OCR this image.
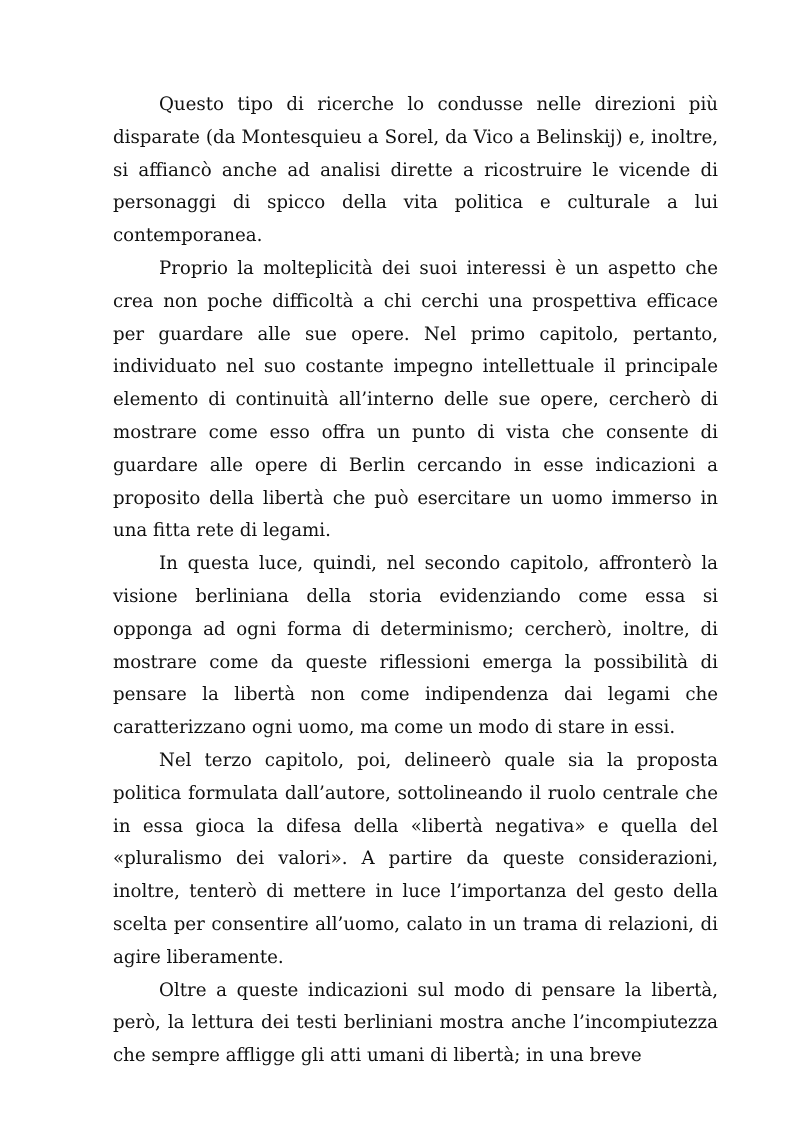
Questo tipo di ricerche lo condusse nelle direzioni più disparate (da Montesquieu a Sorel, da Vico a Belinskij) e, inoltre, si affiancò anche ad analisi dirette a ricostruire le vicende di personaggi di spicco della vita politica e culturale a lui contemporanea.

Proprio la molteplicità dei suoi interessi è un aspetto che crea non poche difficoltà a chi cerchi una prospettiva efficace per guardare alle sue opere. Nel primo capitolo, pertanto, individuato nel suo costante impegno intellettuale il principale elemento di continuità all’interno delle sue opere, cercherò di mostrare come esso offra un punto di vista che consente di guardare alle opere di Berlin cercando in esse indicazioni a proposito della libertà che può esercitare un uomo immerso in una fitta rete di legami.

In questa luce, quindi, nel secondo capitolo, affronterò la visione berliniana della storia evidenziando come essa si opponga ad ogni forma di determinismo; cercherò, inoltre, di mostrare come da queste riflessioni emerga la possibilità di pensare la libertà non come indipendenza dai legami che caratterizzano ogni uomo, ma come un modo di stare in essi.

Nel terzo capitolo, poi, delineerò quale sia la proposta politica formulata dall’autore, sottolineando il ruolo centrale che in essa gioca la difesa della «libertà negativa» e quella del «pluralismo dei valori». A partire da queste considerazioni, inoltre, tenterò di mettere in luce l’importanza del gesto della scelta per consentire all’uomo, calato in un trama di relazioni, di agire liberamente.

Oltre a queste indicazioni sul modo di pensare la libertà, però, la lettura dei testi berliniani mostra anche l’incompiutezza che sempre affligge gli atti umani di libertà; in una breve
